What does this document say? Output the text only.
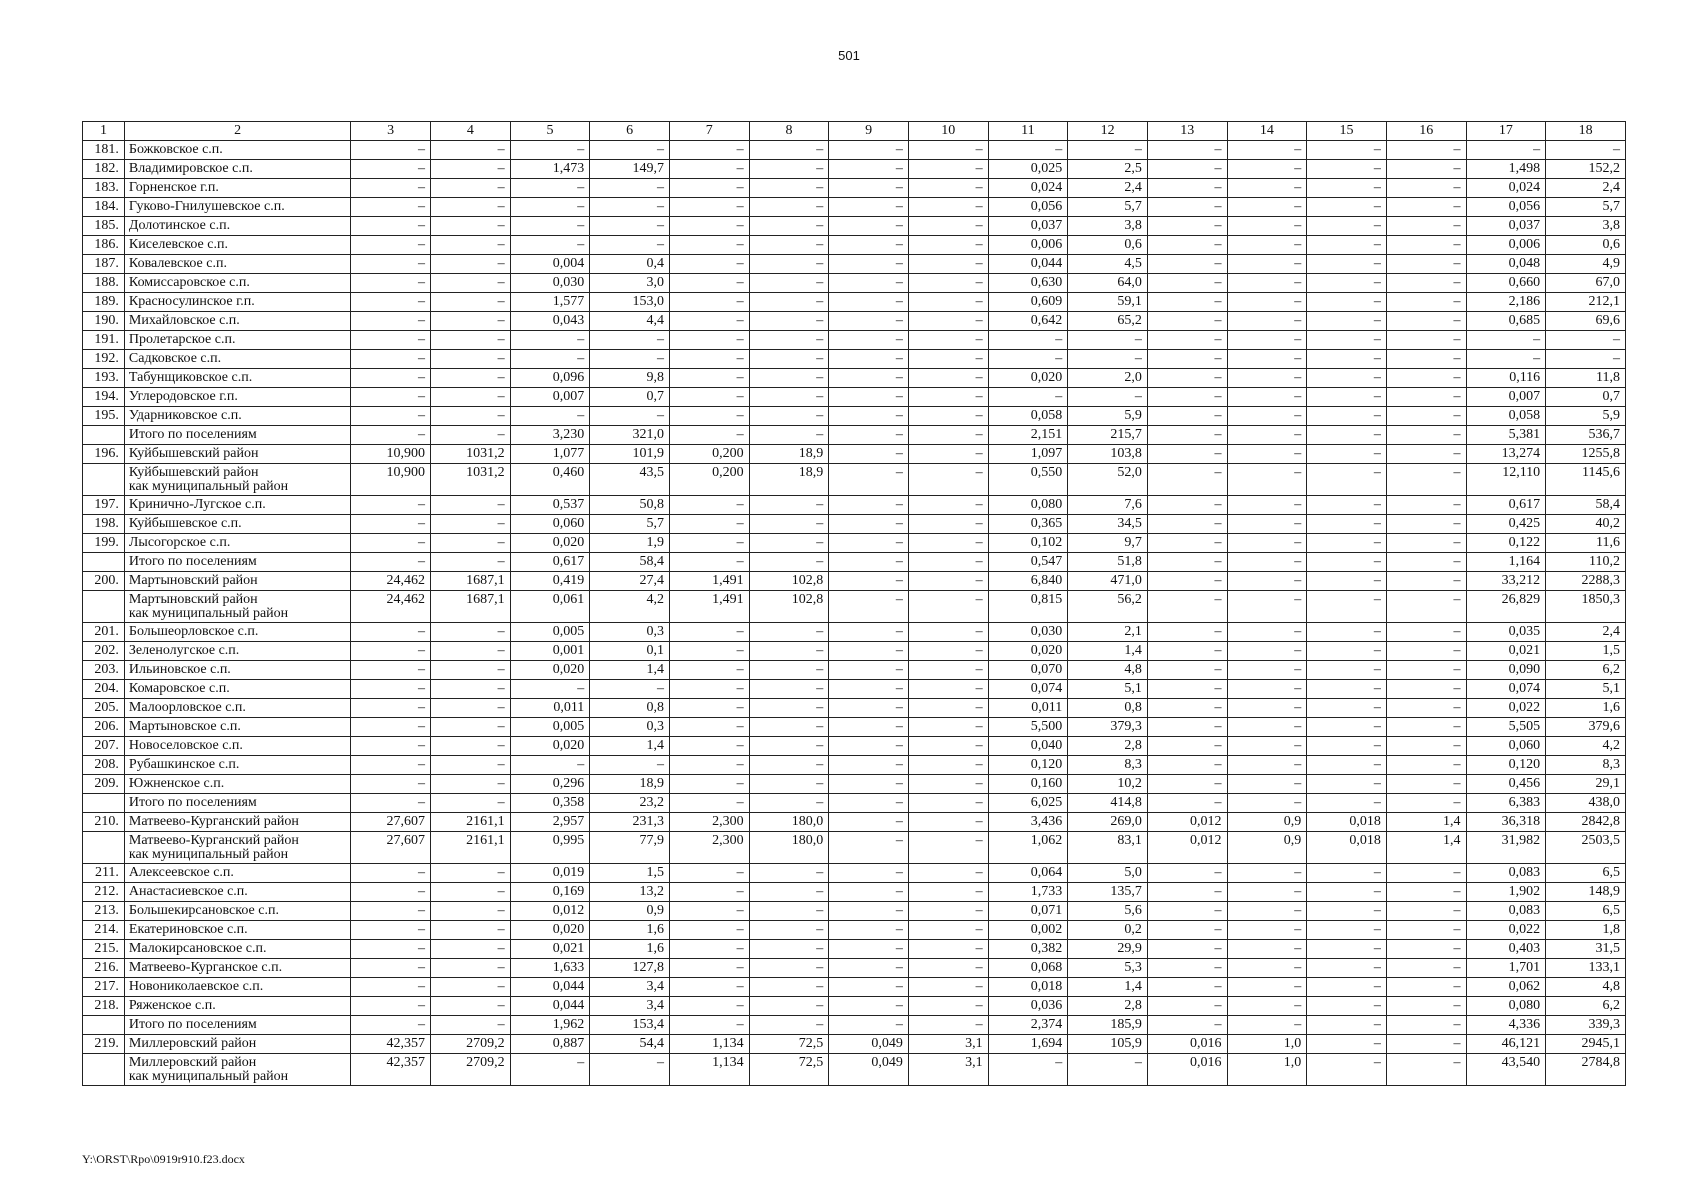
501
1	2	3	4	5	6	7	8	9	10	11	12	13	14	15	16	17	18
181.	Божковское с.п.	–	–	–	–	–	–	–	–	–	–	–	–	–	–	–	–
182.	Владимировское с.п.	–	–	1,473	149,7	–	–	–	–	0,025	2,5	–	–	–	–	1,498	152,2
183.	Горненское г.п.	–	–	–	–	–	–	–	–	0,024	2,4	–	–	–	–	0,024	2,4
184.	Гуково-Гнилушевское с.п.	–	–	–	–	–	–	–	–	0,056	5,7	–	–	–	–	0,056	5,7
185.	Долотинское с.п.	–	–	–	–	–	–	–	–	0,037	3,8	–	–	–	–	0,037	3,8
186.	Киселевское с.п.	–	–	–	–	–	–	–	–	0,006	0,6	–	–	–	–	0,006	0,6
187.	Ковалевское с.п.	–	–	0,004	0,4	–	–	–	–	0,044	4,5	–	–	–	–	0,048	4,9
188.	Комиссаровское с.п.	–	–	0,030	3,0	–	–	–	–	0,630	64,0	–	–	–	–	0,660	67,0
189.	Красносулинское г.п.	–	–	1,577	153,0	–	–	–	–	0,609	59,1	–	–	–	–	2,186	212,1
190.	Михайловское с.п.	–	–	0,043	4,4	–	–	–	–	0,642	65,2	–	–	–	–	0,685	69,6
191.	Пролетарское с.п.	–	–	–	–	–	–	–	–	–	–	–	–	–	–	–	–
192.	Садковское с.п.	–	–	–	–	–	–	–	–	–	–	–	–	–	–	–	–
193.	Табунщиковское с.п.	–	–	0,096	9,8	–	–	–	–	0,020	2,0	–	–	–	–	0,116	11,8
194.	Углеродовское г.п.	–	–	0,007	0,7	–	–	–	–	–	–	–	–	–	–	0,007	0,7
195.	Ударниковское с.п.	–	–	–	–	–	–	–	–	0,058	5,9	–	–	–	–	0,058	5,9

	Итого по поселениям	–	–	3,230	321,0	–	–	–	–	2,151	215,7	–	–	–	–	5,381	536,7
196.	Куйбышевский район	10,900	1031,2	1,077	101,9	0,200	18,9	–	–	1,097	103,8	–	–	–	–	13,274	1255,8

	Куйбышевский район
как муниципальный район	10,900	1031,2	0,460	43,5	0,200	18,9	–	–	0,550	52,0	–	–	–	–	12,110	1145,6
197.	Кринично-Лугское с.п.	–	–	0,537	50,8	–	–	–	–	0,080	7,6	–	–	–	–	0,617	58,4
198.	Куйбышевское с.п.	–	–	0,060	5,7	–	–	–	–	0,365	34,5	–	–	–	–	0,425	40,2
199.	Лысогорское с.п.	–	–	0,020	1,9	–	–	–	–	0,102	9,7	–	–	–	–	0,122	11,6

	Итого по поселениям	–	–	0,617	58,4	–	–	–	–	0,547	51,8	–	–	–	–	1,164	110,2
200.	Мартыновский район	24,462	1687,1	0,419	27,4	1,491	102,8	–	–	6,840	471,0	–	–	–	–	33,212	2288,3

	Мартыновский район
как муниципальный район	24,462	1687,1	0,061	4,2	1,491	102,8	–	–	0,815	56,2	–	–	–	–	26,829	1850,3
201.	Большеорловское с.п.	–	–	0,005	0,3	–	–	–	–	0,030	2,1	–	–	–	–	0,035	2,4
202.	Зеленолугское с.п.	–	–	0,001	0,1	–	–	–	–	0,020	1,4	–	–	–	–	0,021	1,5
203.	Ильиновское с.п.	–	–	0,020	1,4	–	–	–	–	0,070	4,8	–	–	–	–	0,090	6,2
204.	Комаровское с.п.	–	–	–	–	–	–	–	–	0,074	5,1	–	–	–	–	0,074	5,1
205.	Малоорловское с.п.	–	–	0,011	0,8	–	–	–	–	0,011	0,8	–	–	–	–	0,022	1,6
206.	Мартыновское с.п.	–	–	0,005	0,3	–	–	–	–	5,500	379,3	–	–	–	–	5,505	379,6
207.	Новоселовское с.п.	–	–	0,020	1,4	–	–	–	–	0,040	2,8	–	–	–	–	0,060	4,2
208.	Рубашкинское с.п.	–	–	–	–	–	–	–	–	0,120	8,3	–	–	–	–	0,120	8,3
209.	Южненское с.п.	–	–	0,296	18,9	–	–	–	–	0,160	10,2	–	–	–	–	0,456	29,1

	Итого по поселениям	–	–	0,358	23,2	–	–	–	–	6,025	414,8	–	–	–	–	6,383	438,0
210.	Матвеево-Курганский район	27,607	2161,1	2,957	231,3	2,300	180,0	–	–	3,436	269,0	0,012	0,9	0,018	1,4	36,318	2842,8

	Матвеево-Курганский район
как муниципальный район	27,607	2161,1	0,995	77,9	2,300	180,0	–	–	1,062	83,1	0,012	0,9	0,018	1,4	31,982	2503,5
211.	Алексеевское с.п.	–	–	0,019	1,5	–	–	–	–	0,064	5,0	–	–	–	–	0,083	6,5
212.	Анастасиевское с.п.	–	–	0,169	13,2	–	–	–	–	1,733	135,7	–	–	–	–	1,902	148,9
213.	Большекирсановское с.п.	–	–	0,012	0,9	–	–	–	–	0,071	5,6	–	–	–	–	0,083	6,5
214.	Екатериновское с.п.	–	–	0,020	1,6	–	–	–	–	0,002	0,2	–	–	–	–	0,022	1,8
215.	Малокирсановское с.п.	–	–	0,021	1,6	–	–	–	–	0,382	29,9	–	–	–	–	0,403	31,5
216.	Матвеево-Курганское с.п.	–	–	1,633	127,8	–	–	–	–	0,068	5,3	–	–	–	–	1,701	133,1
217.	Новониколаевское с.п.	–	–	0,044	3,4	–	–	–	–	0,018	1,4	–	–	–	–	0,062	4,8
218.	Ряженское с.п.	–	–	0,044	3,4	–	–	–	–	0,036	2,8	–	–	–	–	0,080	6,2

	Итого по поселениям	–	–	1,962	153,4	–	–	–	–	2,374	185,9	–	–	–	–	4,336	339,3
219.	Миллеровский район	42,357	2709,2	0,887	54,4	1,134	72,5	0,049	3,1	1,694	105,9	0,016	1,0	–	–	46,121	2945,1

	Миллеровский район
как муниципальный район	42,357	2709,2	–	–	1,134	72,5	0,049	3,1	–	–	0,016	1,0	–	–	43,540	2784,8
Y:\ORST\Rpo\0919r910.f23.docx
